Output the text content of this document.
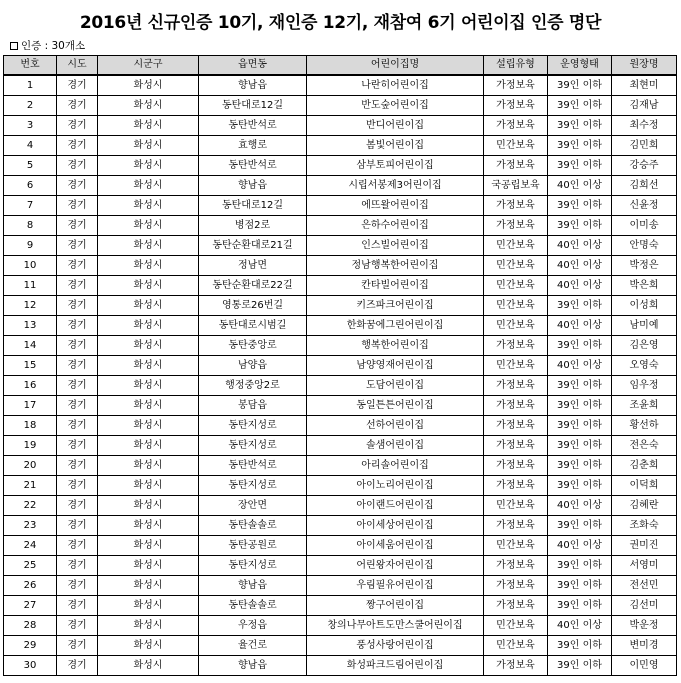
2016년 신규인증 10기, 재인증 12기, 재참여 6기 어린이집 인증 명단
인증 : 30개소
번호	시도	시군구	읍면동	어린이집명	설립유형	운영형태	원장명
1	경기	화성시	향남읍	나란히어린이집	가정보육	39인 이하	최현미
2	경기	화성시	동탄대로12길	반도숲어린이집	가정보육	39인 이하	김재남
3	경기	화성시	동탄반석로	반디어린이집	가정보육	39인 이하	최수정
4	경기	화성시	효행로	봄빛어린이집	민간보육	39인 이하	김민희
5	경기	화성시	동탄반석로	삼부토피어린이집	가정보육	39인 이하	강승주
6	경기	화성시	향남읍	시립서봉제3어린이집	국공립보육	40인 이상	김희선
7	경기	화성시	동탄대로12길	에뜨왈어린이집	가정보육	39인 이하	신윤정
8	경기	화성시	병점2로	은하수어린이집	가정보육	39인 이하	이미송
9	경기	화성시	동탄순환대로21길	인스빌어린이집	민간보육	40인 이상	안명숙
10	경기	화성시	정남면	정남행복한어린이집	민간보육	40인 이상	박정은
11	경기	화성시	동탄순환대로22길	칸타빌어린이집	민간보육	40인 이상	박은희
12	경기	화성시	영통로26번길	키즈파크어린이집	민간보육	39인 이하	이성희
13	경기	화성시	동탄대로시범길	한화꿈에그린어린이집	민간보육	40인 이상	남미예
14	경기	화성시	동탄중앙로	행복한어린이집	가정보육	39인 이하	김은영
15	경기	화성시	남양읍	남양영재어린이집	민간보육	40인 이상	오영숙
16	경기	화성시	행정중앙2로	도담어린이집	가정보육	39인 이하	임우정
17	경기	화성시	봉담읍	동일튼튼어린이집	가정보육	39인 이하	조윤희
18	경기	화성시	동탄지성로	선하어린이집	가정보육	39인 이하	황선하
19	경기	화성시	동탄지성로	솔샘어린이집	가정보육	39인 이하	전은숙
20	경기	화성시	동탄반석로	아리솔어린이집	가정보육	39인 이하	김춘희
21	경기	화성시	동탄지성로	아이노리어린이집	가정보육	39인 이하	이덕희
22	경기	화성시	장안면	아이랜드어린이집	민간보육	40인 이상	김혜란
23	경기	화성시	동탄솔솔로	아이세상어린이집	가정보육	39인 이하	조화숙
24	경기	화성시	동탄공원로	아이세움어린이집	민간보육	40인 이상	권미진
25	경기	화성시	동탄지성로	어린왕자어린이집	가정보육	39인 이하	서영미
26	경기	화성시	향남읍	우림필유어린이집	가정보육	39인 이하	전선민
27	경기	화성시	동탄솔솔로	짱구어린이집	가정보육	39인 이하	김선미
28	경기	화성시	우정읍	창의나무아트도만스쿨어린이집	민간보육	40인 이상	박운정
29	경기	화성시	율건로	풍성사랑어린이집	민간보육	39인 이하	변미경
30	경기	화성시	향남읍	화성파크드림어린이집	가정보육	39인 이하	이민영
